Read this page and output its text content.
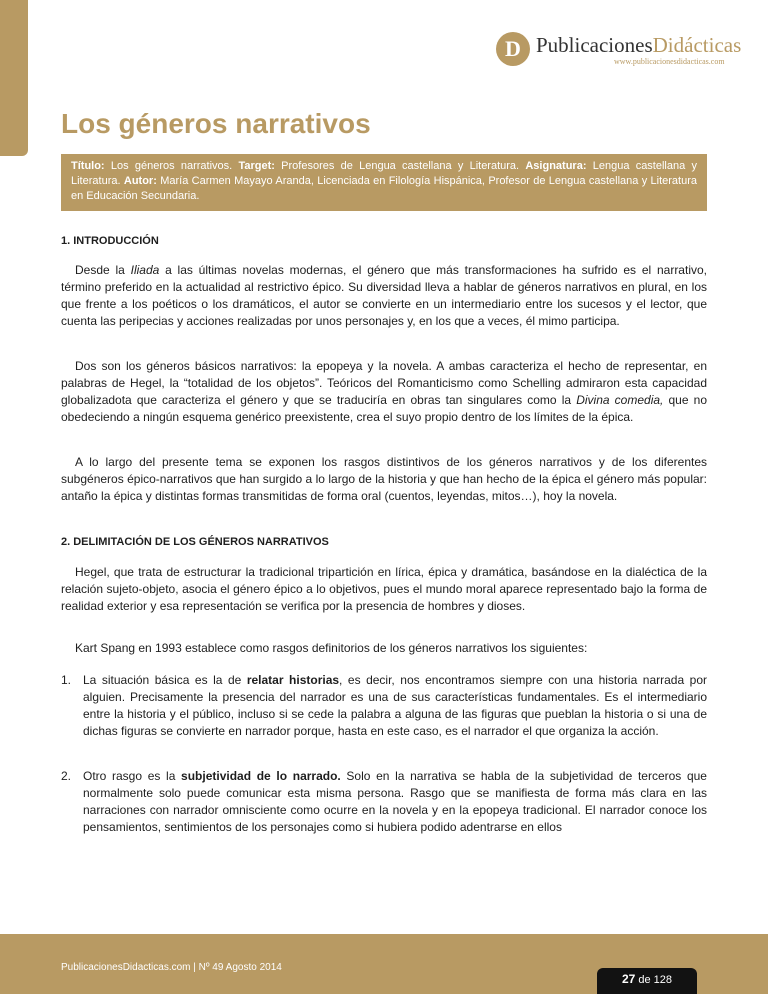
D PublicacionesDidácticas
www.publicacionesdidacticas.com
Los géneros narrativos
Título: Los géneros narrativos. Target: Profesores de Lengua castellana y Literatura. Asignatura: Lengua castellana y Literatura. Autor: María Carmen Mayayo Aranda, Licenciada en Filología Hispánica, Profesor de Lengua castellana y Literatura en Educación Secundaria.
1. INTRODUCCIÓN

Desde la Iliada a las últimas novelas modernas, el género que más transformaciones ha sufrido es el narrativo, término preferido en la actualidad al restrictivo épico. Su diversidad lleva a hablar de géneros narrativos en plural, en los que frente a los poéticos o los dramáticos, el autor se convierte en un intermediario entre los sucesos y el lector, que cuenta las peripecias y acciones realizadas por unos personajes y, en los que a veces, él mimo participa.

Dos son los géneros básicos narrativos: la epopeya y la novela. A ambas caracteriza el hecho de representar, en palabras de Hegel, la “totalidad de los objetos”. Teóricos del Romanticismo como Schelling admiraron esta capacidad globalizadota que caracteriza el género y que se traduciría en obras tan singulares como la Divina comedia, que no obedeciendo a ningún esquema genérico preexistente, crea el suyo propio dentro de los límites de la épica.

A lo largo del presente tema se exponen los rasgos distintivos de los géneros narrativos y de los diferentes subgéneros épico-narrativos que han surgido a lo largo de la historia y que han hecho de la épica el género más popular: antaño la épica y distintas formas transmitidas de forma oral (cuentos, leyendas, mitos…), hoy la novela.

2. DELIMITACIÓN DE LOS GÉNEROS NARRATIVOS

Hegel, que trata de estructurar la tradicional tripartición en lírica, épica y dramática, basándose en la dialéctica de la relación sujeto-objeto, asocia el género épico a lo objetivos, pues el mundo moral aparece representado bajo la forma de realidad exterior y esa representación se verifica por la presencia de hombres y dioses.

Kart Spang en 1993 establece como rasgos definitorios de los géneros narrativos los siguientes:

1. La situación básica es la de relatar historias, es decir, nos encontramos siempre con una historia narrada por alguien. Precisamente la presencia del narrador es una de sus características fundamentales. Es el intermediario entre la historia y el público, incluso si se cede la palabra a alguna de las figuras que pueblan la historia o si una de dichas figuras se convierte en narrador porque, hasta en este caso, es el narrador el que organiza la acción.
2. Otro rasgo es la subjetividad de lo narrado. Solo en la narrativa se habla de la subjetividad de terceros que normalmente solo puede comunicar esta misma persona. Rasgo que se manifiesta de forma más clara en las narraciones con narrador omnisciente como ocurre en la novela y en la epopeya tradicional. El narrador conoce los pensamientos, sentimientos de los personajes como si hubiera podido adentrarse en ellos
PublicacionesDidacticas.com | Nº 49 Agosto 2014
27 de 128
